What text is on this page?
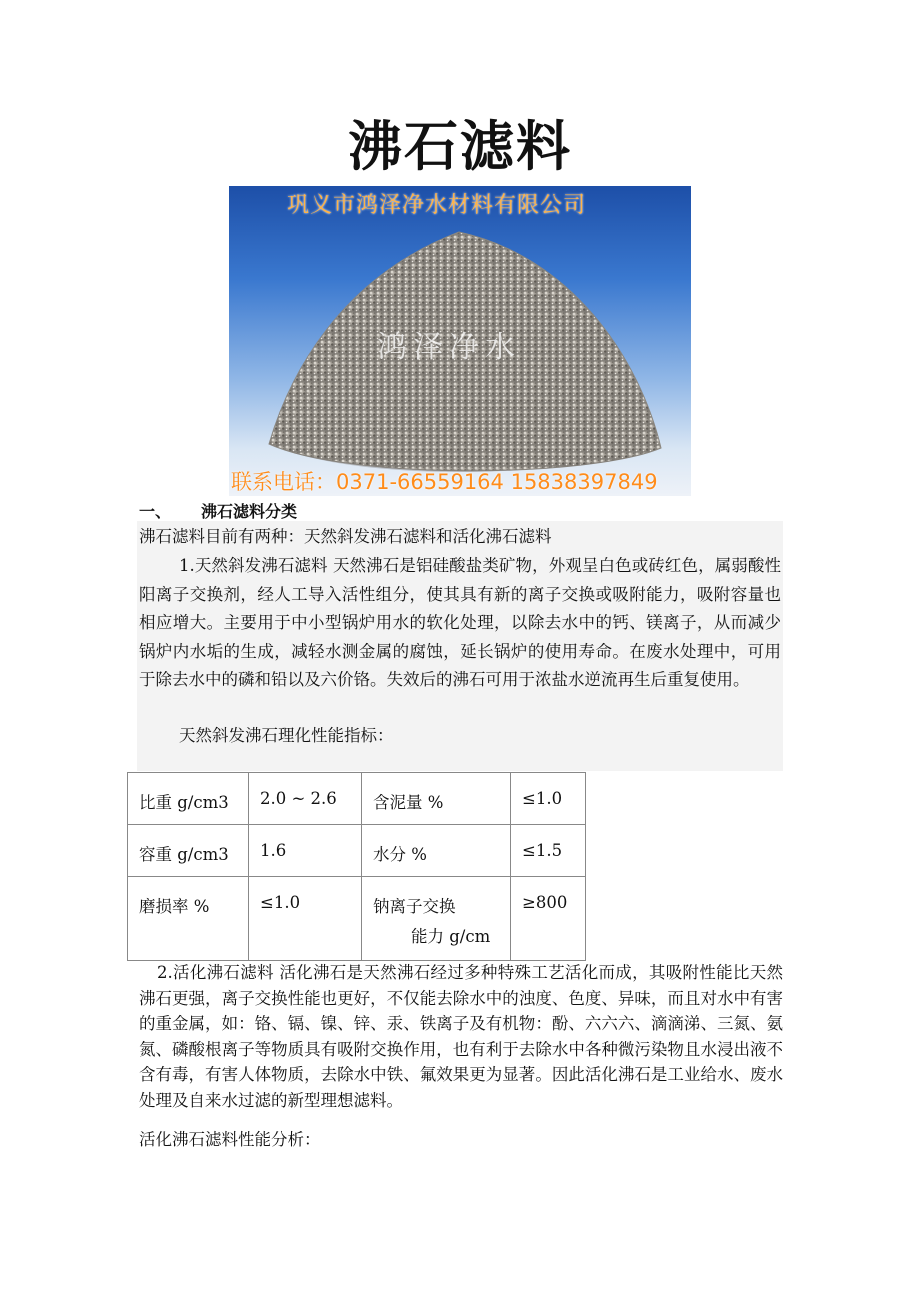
沸石滤料
巩义市鸿泽净水材料有限公司
鸿泽净水
联系电话：0371-66559164 15838397849
一、 沸石滤料分类
沸石滤料目前有两种：天然斜发沸石滤料和活化沸石滤料
1.天然斜发沸石滤料 天然沸石是铝硅酸盐类矿物，外观呈白色或砖红色，属弱酸性阳离子交换剂，经人工导入活性组分，使其具有新的离子交换或吸附能力，吸附容量也相应增大。主要用于中小型锅炉用水的软化处理，以除去水中的钙、镁离子，从而减少锅炉内水垢的生成，减轻水测金属的腐蚀，延长锅炉的使用寿命。在废水处理中，可用于除去水中的磷和铅以及六价铬。失效后的沸石可用于浓盐水逆流再生后重复使用。
天然斜发沸石理化性能指标：
比重 g/cm3	2.0 ~ 2.6	含泥量 %	≤1.0
容重 g/cm3	1.6	水分 %	≤1.5
磨损率 %	≤1.0	钠离子交换
能力 g/cm	≥800
2.活化沸石滤料 活化沸石是天然沸石经过多种特殊工艺活化而成，其吸附性能比天然沸石更强，离子交换性能也更好，不仅能去除水中的浊度、色度、异味，而且对水中有害的重金属，如：铬、镉、镍、锌、汞、铁离子及有机物：酚、六六六、滴滴涕、三氮、氨氮、磷酸根离子等物质具有吸附交换作用，也有利于去除水中各种微污染物且水浸出液不含有毒，有害人体物质，去除水中铁、氟效果更为显著。因此活化沸石是工业给水、废水处理及自来水过滤的新型理想滤料。
活化沸石滤料性能分析：
